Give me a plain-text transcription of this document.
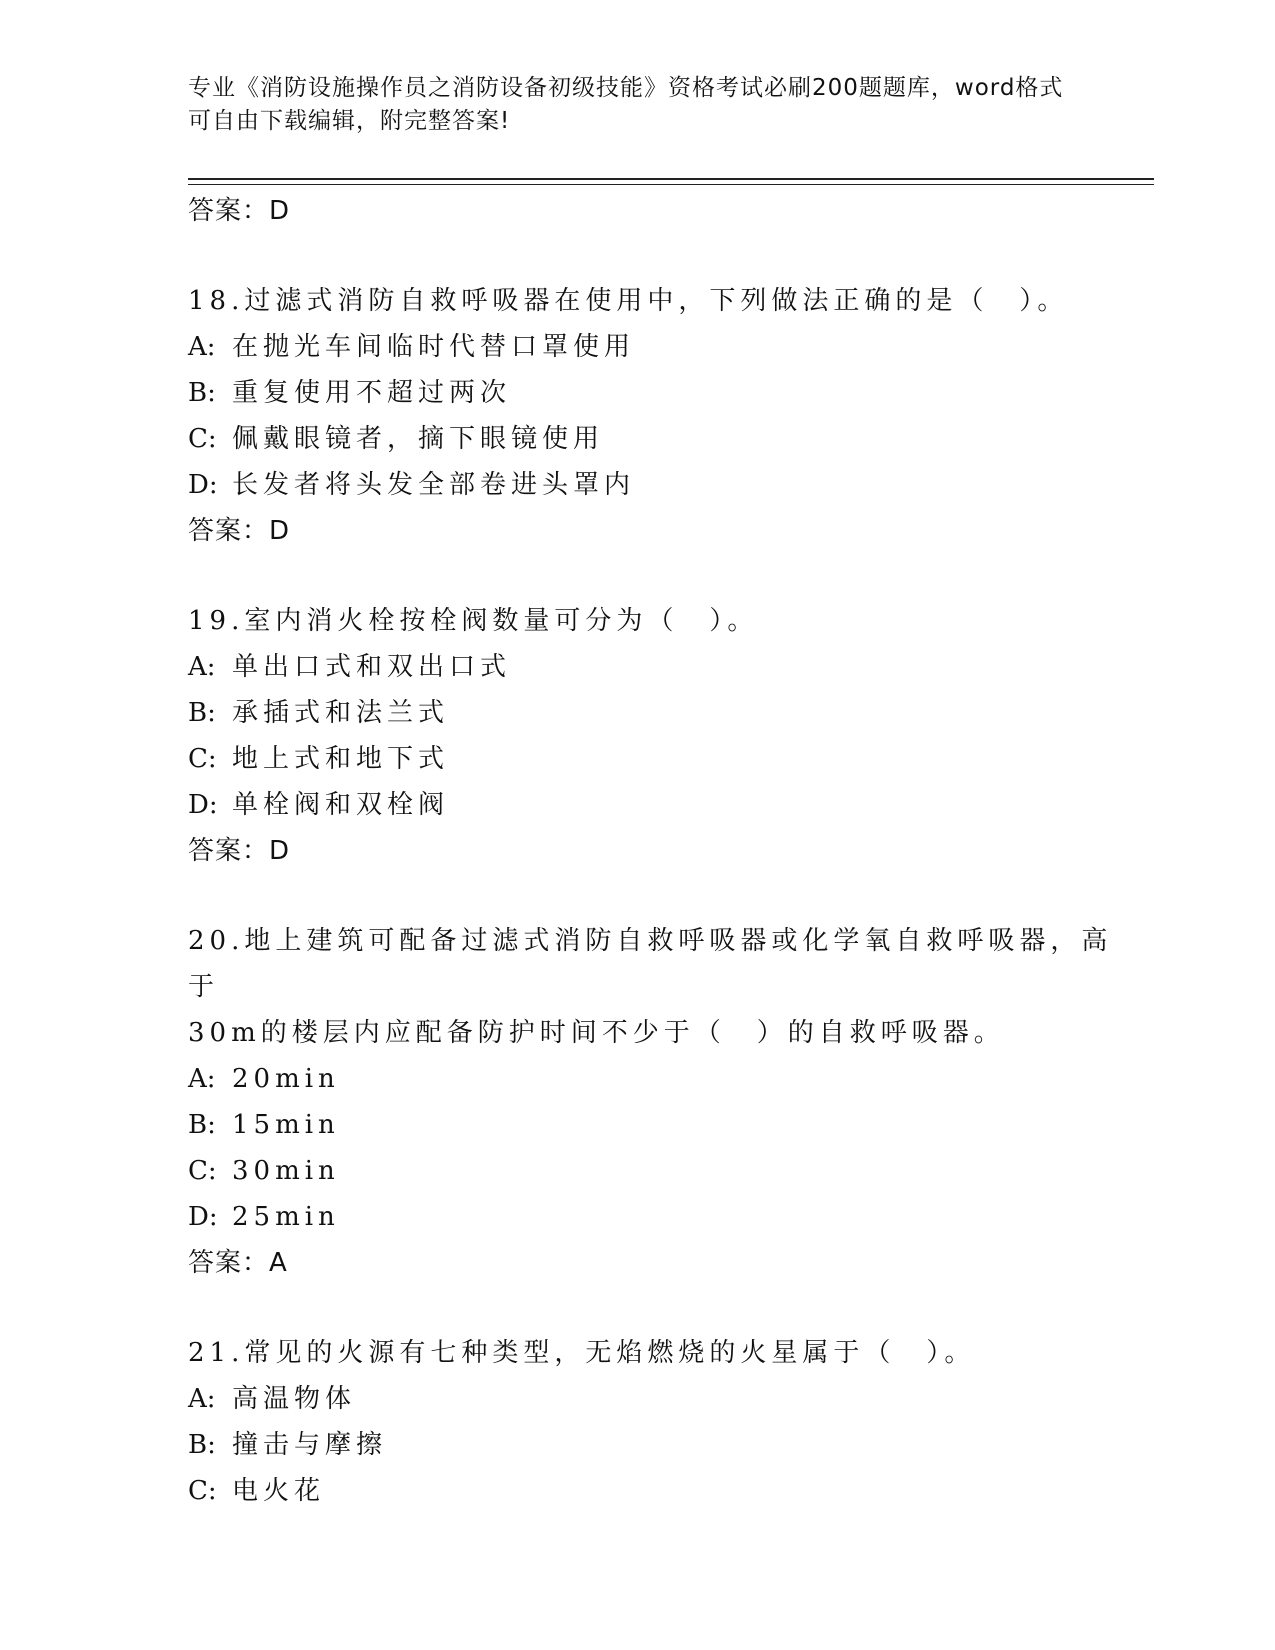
专业《消防设施操作员之消防设备初级技能》资格考试必刷200题题库，word格式可自由下载编辑，附完整答案!
答案：D
18.过滤式消防自救呼吸器在使用中，下列做法正确的是（　）。
A: 在抛光车间临时代替口罩使用
B: 重复使用不超过两次
C: 佩戴眼镜者，摘下眼镜使用
D: 长发者将头发全部卷进头罩内
答案：D
19.室内消火栓按栓阀数量可分为（　）。
A: 单出口式和双出口式
B: 承插式和法兰式
C: 地上式和地下式
D: 单栓阀和双栓阀
答案：D
20.地上建筑可配备过滤式消防自救呼吸器或化学氧自救呼吸器，高于
30m的楼层内应配备防护时间不少于（　）的自救呼吸器。
A: 20min
B: 15min
C: 30min
D: 25min
答案：A
21.常见的火源有七种类型，无焰燃烧的火星属于（　）。
A: 高温物体
B: 撞击与摩擦
C: 电火花
